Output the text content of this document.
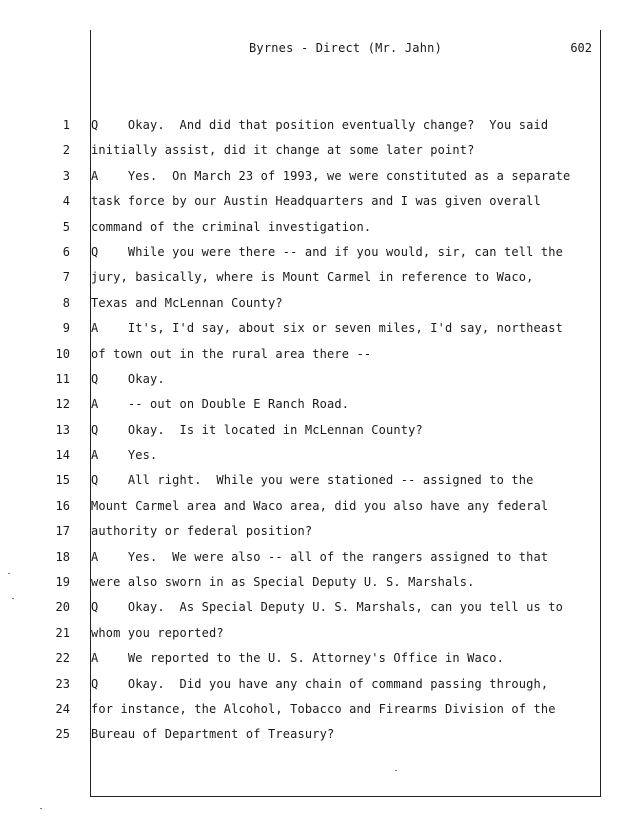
Byrnes - Direct (Mr. Jahn)	602
1 Q    Okay.  And did that position eventually change?  You said
2 initially assist, did it change at some later point?
3 A    Yes.  On March 23 of 1993, we were constituted as a separate
4 task force by our Austin Headquarters and I was given overall
5 command of the criminal investigation.
6 Q    While you were there -- and if you would, sir, can tell the
7 jury, basically, where is Mount Carmel in reference to Waco,
8 Texas and McLennan County?
9 A    It's, I'd say, about six or seven miles, I'd say, northeast
10 of town out in the rural area there --
11 Q    Okay.
12 A    -- out on Double E Ranch Road.
13 Q    Okay.  Is it located in McLennan County?
14 A    Yes.
15 Q    All right.  While you were stationed -- assigned to the
16 Mount Carmel area and Waco area, did you also have any federal
17 authority or federal position?
18 A    Yes.  We were also -- all of the rangers assigned to that
19 were also sworn in as Special Deputy U. S. Marshals.
20 Q    Okay.  As Special Deputy U. S. Marshals, can you tell us to
21 whom you reported?
22 A    We reported to the U. S. Attorney's Office in Waco.
23 Q    Okay.  Did you have any chain of command passing through,
24 for instance, the Alcohol, Tobacco and Firearms Division of the
25 Bureau of Department of Treasury?
